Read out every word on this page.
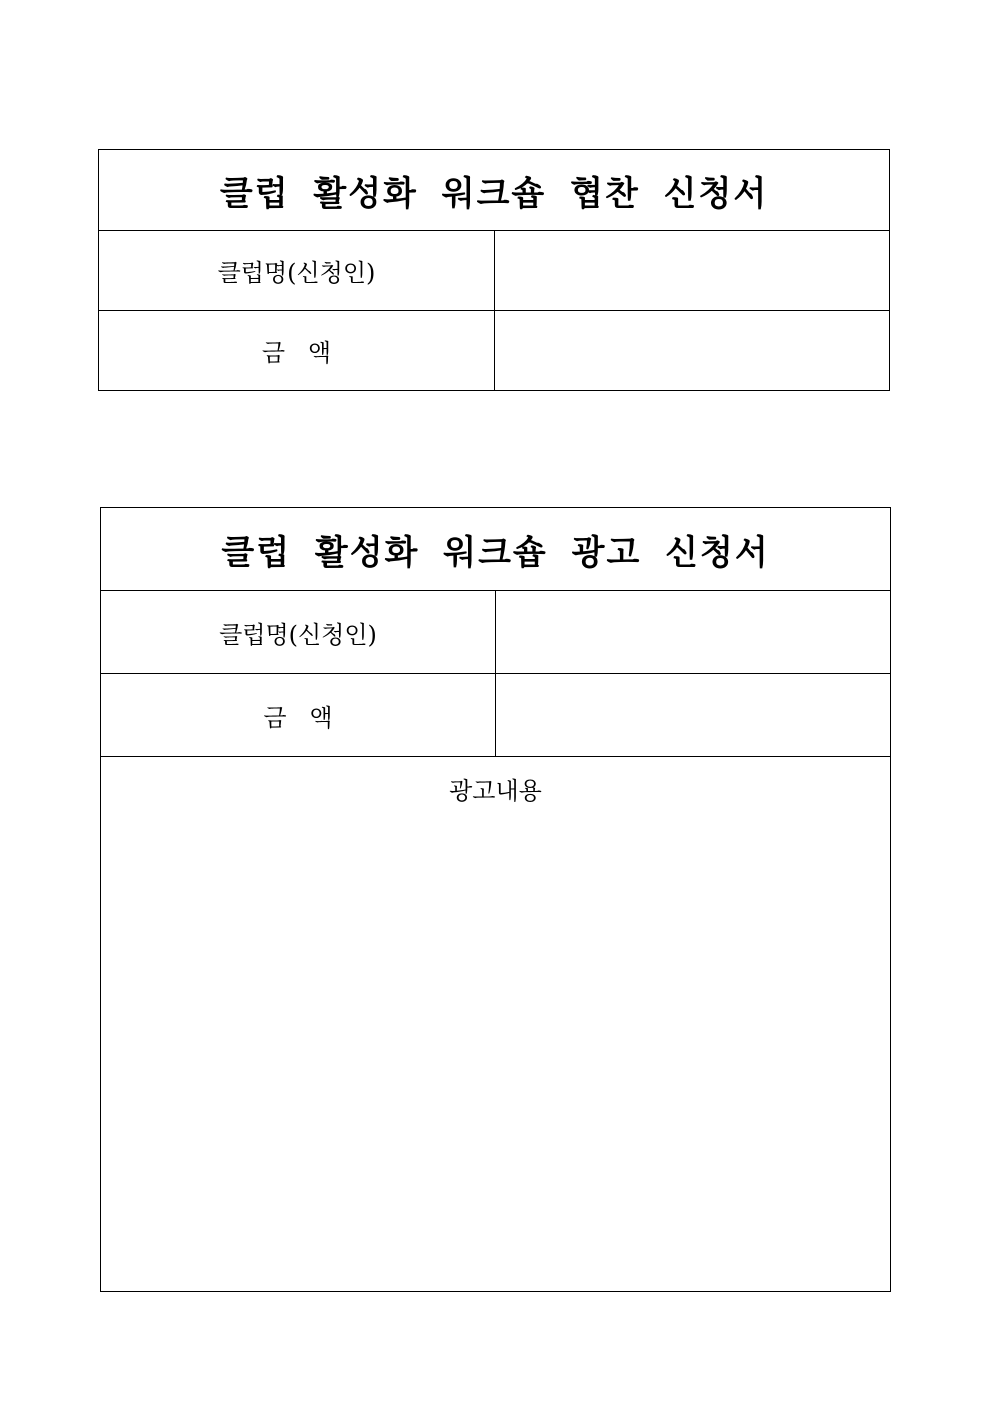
클럽 활성화 워크숍 협찬 신청서	
클럽명(신청인)	
금   액	
클럽 활성화 워크숍 광고 신청서	
클럽명(신청인)	
금   액	

광고내용	
